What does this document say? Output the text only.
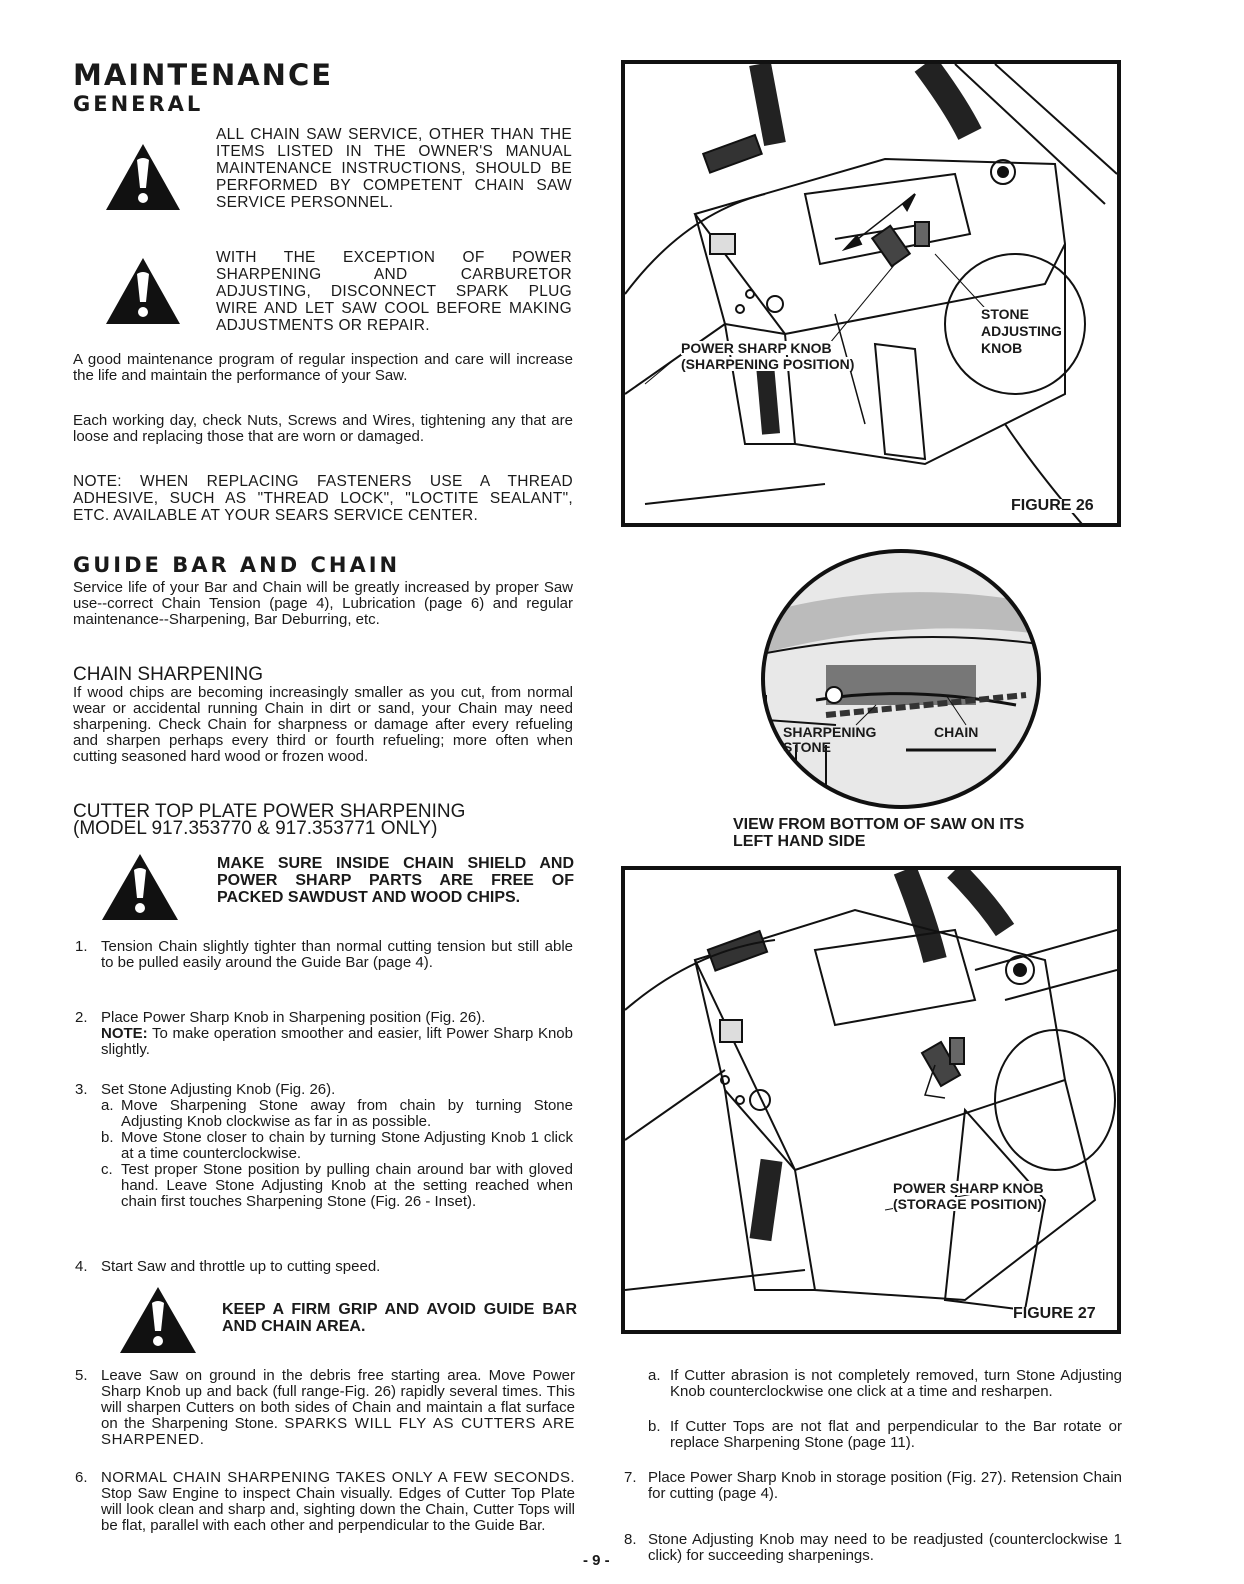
MAINTENANCE
GENERAL
ALL CHAIN SAW SERVICE, OTHER THAN THE ITEMS LISTED IN THE OWNER'S MANUAL MAINTENANCE INSTRUCTIONS, SHOULD BE PERFORMED BY COMPETENT CHAIN SAW SERVICE PERSONNEL.
WITH THE EXCEPTION OF POWER SHARPENING AND CARBURETOR ADJUSTING, DISCONNECT SPARK PLUG WIRE AND LET SAW COOL BEFORE MAKING ADJUSTMENTS OR REPAIR.
A good maintenance program of regular inspection and care will increase the life and maintain the performance of your Saw.
Each working day, check Nuts, Screws and Wires, tightening any that are loose and replacing those that are worn or damaged.
NOTE: WHEN REPLACING FASTENERS USE A THREAD ADHESIVE, SUCH AS "THREAD LOCK", "LOCTITE SEALANT", ETC. AVAILABLE AT YOUR SEARS SERVICE CENTER.
GUIDE BAR AND CHAIN
Service life of your Bar and Chain will be greatly increased by proper Saw use--correct Chain Tension (page 4), Lubrication (page 6) and regular maintenance--Sharpening, Bar Deburring, etc.
CHAIN SHARPENING
If wood chips are becoming increasingly smaller as you cut, from normal wear or accidental running Chain in dirt or sand, your Chain may need sharpening. Check Chain for sharpness or damage after every refueling and sharpen perhaps every third or fourth refueling; more often when cutting seasoned hard wood or frozen wood.
CUTTER TOP PLATE POWER SHARPENING
(MODEL 917.353770 & 917.353771 ONLY)
MAKE SURE INSIDE CHAIN SHIELD AND POWER SHARP PARTS ARE FREE OF PACKED SAWDUST AND WOOD CHIPS.
1. Tension Chain slightly tighter than normal cutting tension but still able to be pulled easily around the Guide Bar (page 4).
2. Place Power Sharp Knob in Sharpening position (Fig. 26).
NOTE: To make operation smoother and easier, lift Power Sharp Knob slightly.
3. Set Stone Adjusting Knob (Fig. 26).
a. Move Sharpening Stone away from chain by turning Stone Adjusting Knob clockwise as far in as possible.
b. Move Stone closer to chain by turning Stone Adjusting Knob 1 click at a time counterclockwise.
c. Test proper Stone position by pulling chain around bar with gloved hand. Leave Stone Adjusting Knob at the setting reached when chain first touches Sharpening Stone (Fig. 26 - Inset).
4. Start Saw and throttle up to cutting speed.
KEEP A FIRM GRIP AND AVOID GUIDE BAR AND CHAIN AREA.
5. Leave Saw on ground in the debris free starting area. Move Power Sharp Knob up and back (full range-Fig. 26) rapidly several times. This will sharpen Cutters on both sides of Chain and maintain a flat surface on the Sharpening Stone. SPARKS WILL FLY AS CUTTERS ARE SHARPENED.
6. NORMAL CHAIN SHARPENING TAKES ONLY A FEW SECONDS. Stop Saw Engine to inspect Chain visually. Edges of Cutter Top Plate will look clean and sharp and, sighting down the Chain, Cutter Tops will be flat, parallel with each other and perpendicular to the Guide Bar.
- 9 -
POWER SHARP KNOB
(SHARPENING POSITION)
STONE
ADJUSTING
KNOB
FIGURE 26
SHARPENING
STONE
CHAIN
VIEW FROM BOTTOM OF SAW ON ITS
LEFT HAND SIDE
POWER SHARP KNOB
(STORAGE POSITION)
FIGURE 27
a. If Cutter abrasion is not completely removed, turn Stone Adjusting Knob counterclockwise one click at a time and resharpen.
b. If Cutter Tops are not flat and perpendicular to the Bar rotate or replace Sharpening Stone (page 11).
7. Place Power Sharp Knob in storage position (Fig. 27). Retension Chain for cutting (page 4).
8. Stone Adjusting Knob may need to be readjusted (counterclockwise 1 click) for succeeding sharpenings.
